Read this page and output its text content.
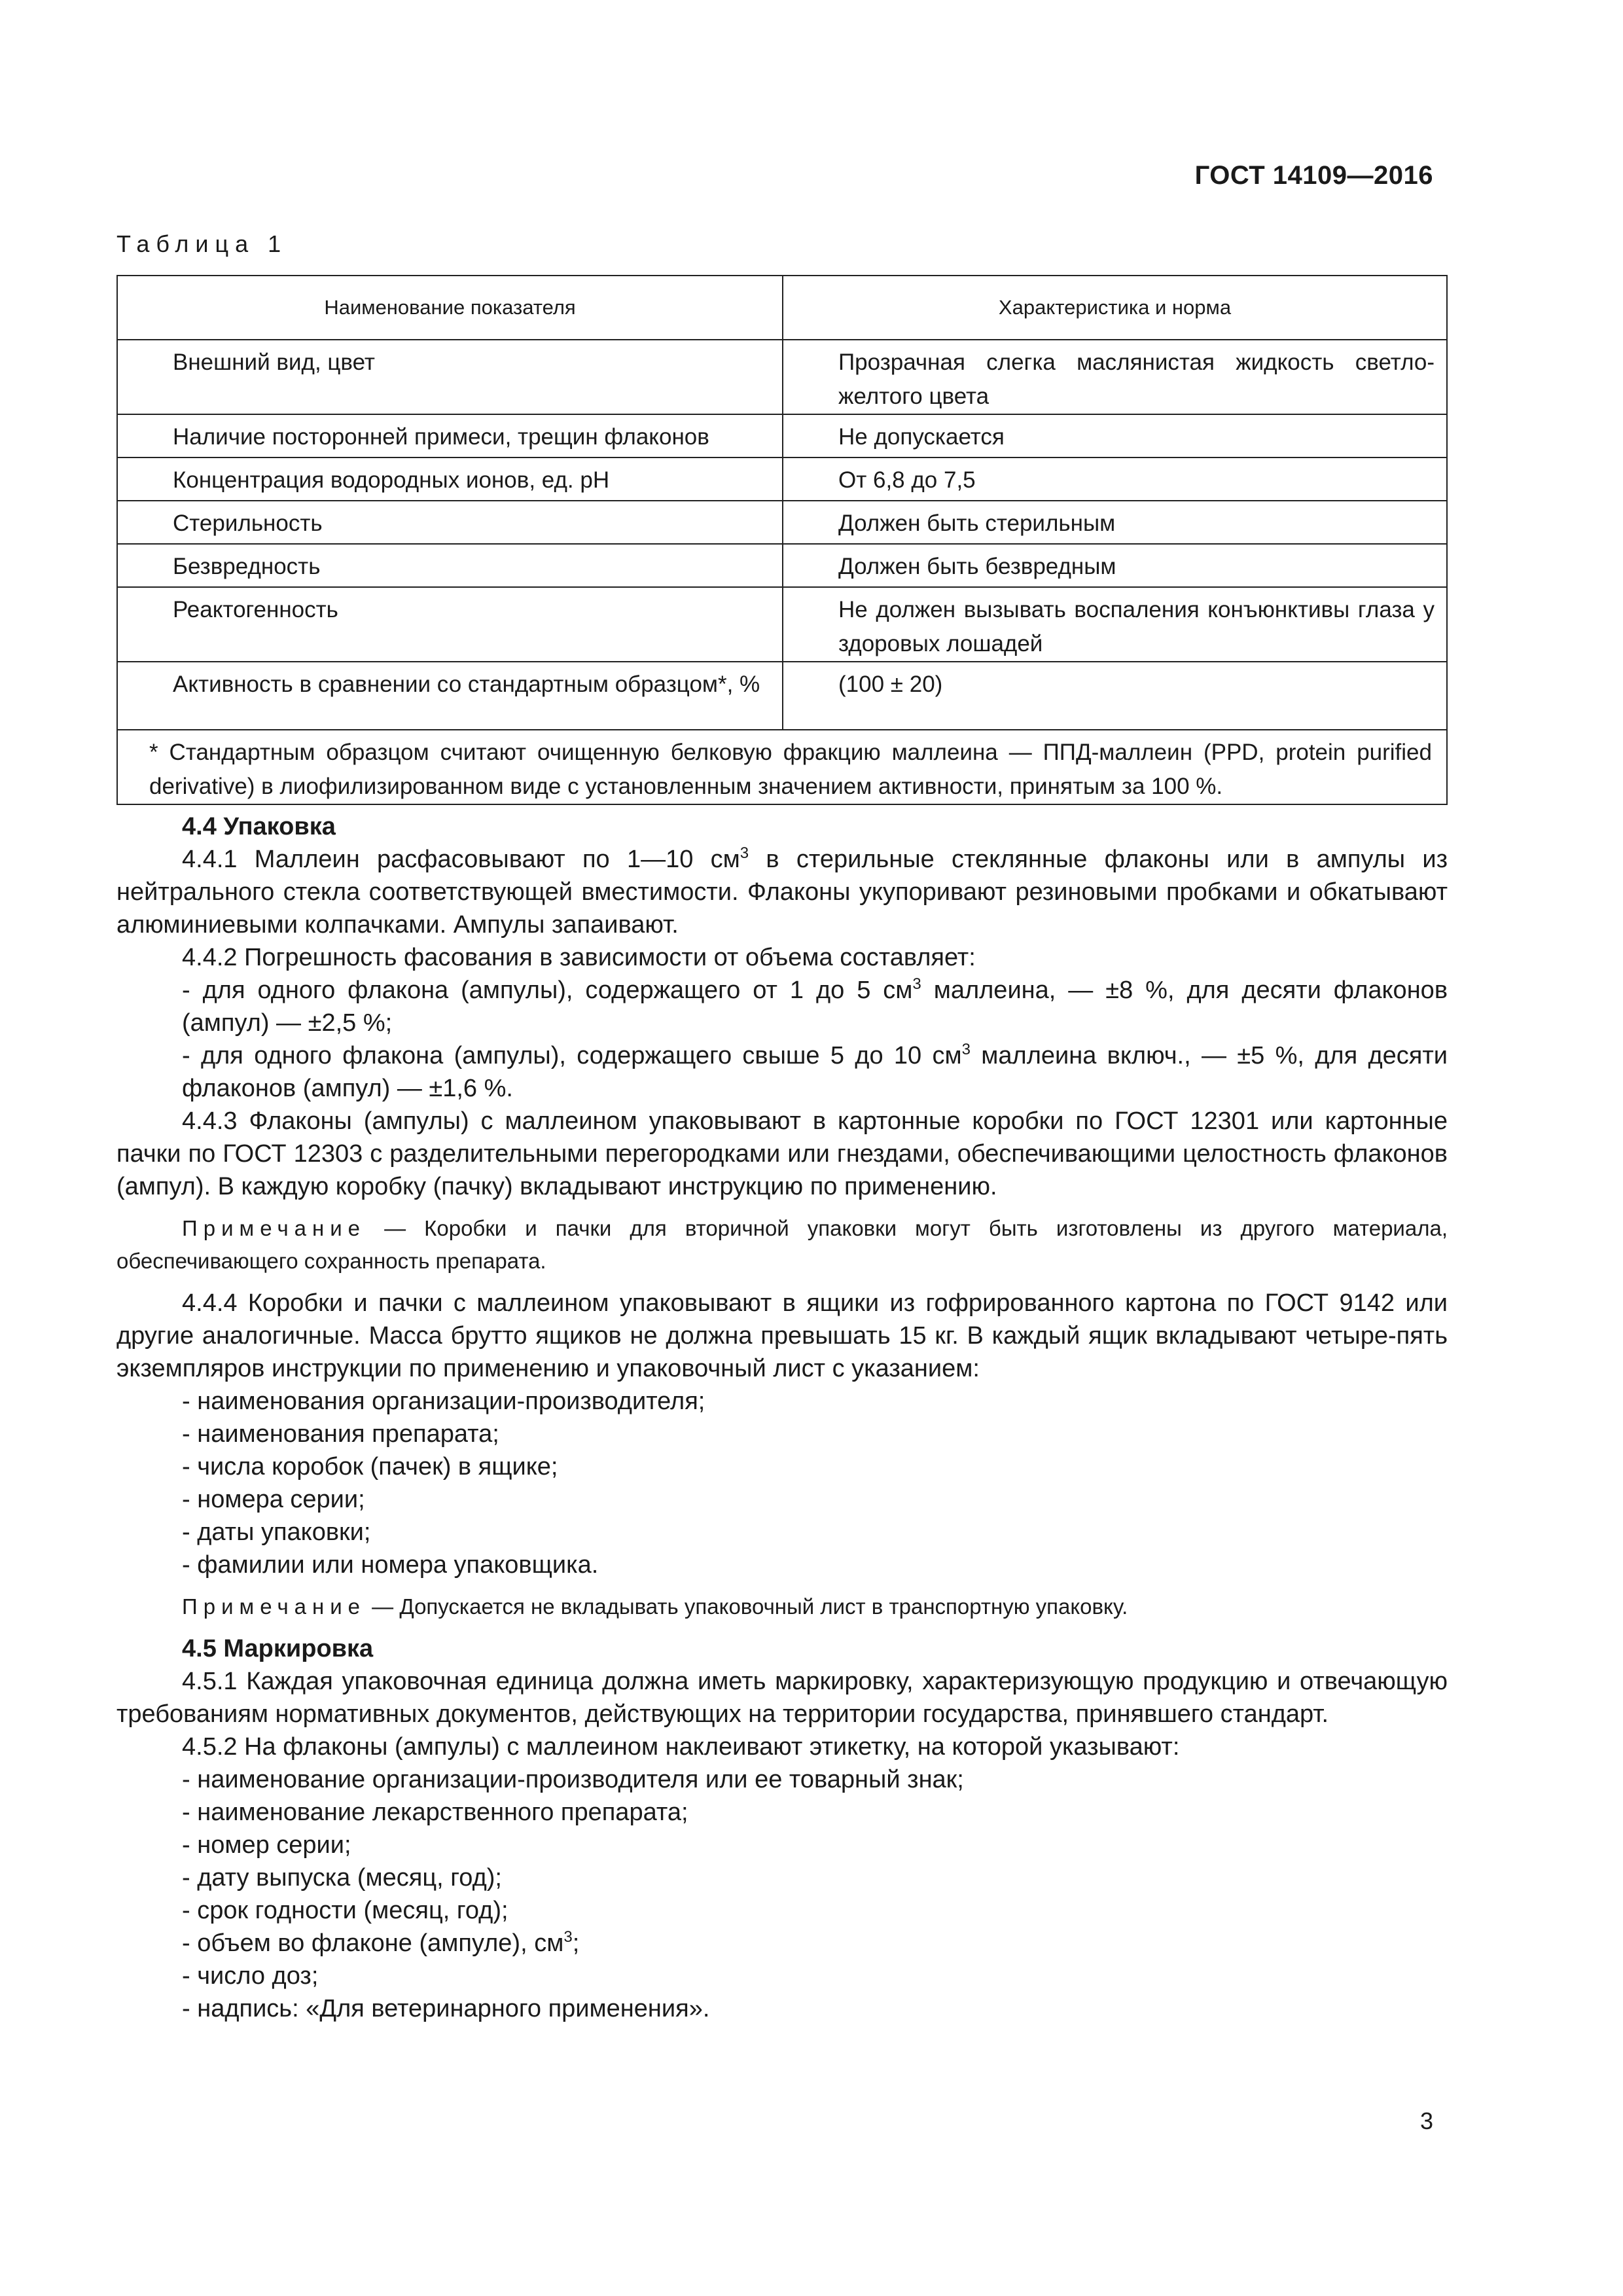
ГОСТ 14109—2016
Таблица 1
Наименование показателя	Характеристика и норма
Внешний вид, цвет	Прозрачная слегка маслянистая жидкость светло-желтого цвета
Наличие посторонней примеси, трещин флаконов	Не допускается
Концентрация водородных ионов, ед. рН	От 6,8 до 7,5
Стерильность	Должен быть стерильным
Безвредность	Должен быть безвредным
Реактогенность	Не должен вызывать воспаления конъюнктивы глаза у здоровых лошадей
Активность в сравнении со стандартным образцом*, %	(100 ± 20)
* Стандартным образцом считают очищенную белковую фракцию маллеина — ППД-маллеин (PPD, protein purified derivative) в лиофилизированном виде с установленным значением активности, принятым за 100 %.	

4.4 Упаковка

4.4.1 Маллеин расфасовывают по 1—10 $см^3$ в стерильные стеклянные флаконы или в ампулы из нейтрального стекла соответствующей вместимости. Флаконы укупоривают резиновыми пробками и обкатывают алюминиевыми колпачками. Ампулы запаивают.

4.4.2 Погрешность фасования в зависимости от объема составляет:

- для одного флакона (ампулы), содержащего от 1 до 5 $см^3$ маллеина, — ±8 %, для десяти флаконов (ампул) — ±2,5 %;

- для одного флакона (ампулы), содержащего свыше 5 до 10 $см^3$ маллеина включ., — ±5 %, для десяти флаконов (ампул) — ±1,6 %.

4.4.3 Флаконы (ампулы) с маллеином упаковывают в картонные коробки по ГОСТ 12301 или картонные пачки по ГОСТ 12303 с разделительными перегородками или гнездами, обеспечивающими целостность флаконов (ампул). В каждую коробку (пачку) вкладывают инструкцию по применению.

Примечание — Коробки и пачки для вторичной упаковки могут быть изготовлены из другого материала, обеспечивающего сохранность препарата.

4.4.4 Коробки и пачки с маллеином упаковывают в ящики из гофрированного картона по ГОСТ 9142 или другие аналогичные. Масса брутто ящиков не должна превышать 15 кг. В каждый ящик вкладывают четыре-пять экземпляров инструкции по применению и упаковочный лист с указанием:

- наименования организации-производителя;

- наименования препарата;

- числа коробок (пачек) в ящике;

- номера серии;

- даты упаковки;

- фамилии или номера упаковщика.

Примечание — Допускается не вкладывать упаковочный лист в транспортную упаковку.

4.5 Маркировка

4.5.1 Каждая упаковочная единица должна иметь маркировку, характеризующую продукцию и отвечающую требованиям нормативных документов, действующих на территории государства, принявшего стандарт.

4.5.2 На флаконы (ампулы) с маллеином наклеивают этикетку, на которой указывают:

- наименование организации-производителя или ее товарный знак;

- наименование лекарственного препарата;

- номер серии;

- дату выпуска (месяц, год);

- срок годности (месяц, год);

- объем во флаконе (ампуле), $см^3$;

- число доз;

- надпись: «Для ветеринарного применения».

3
